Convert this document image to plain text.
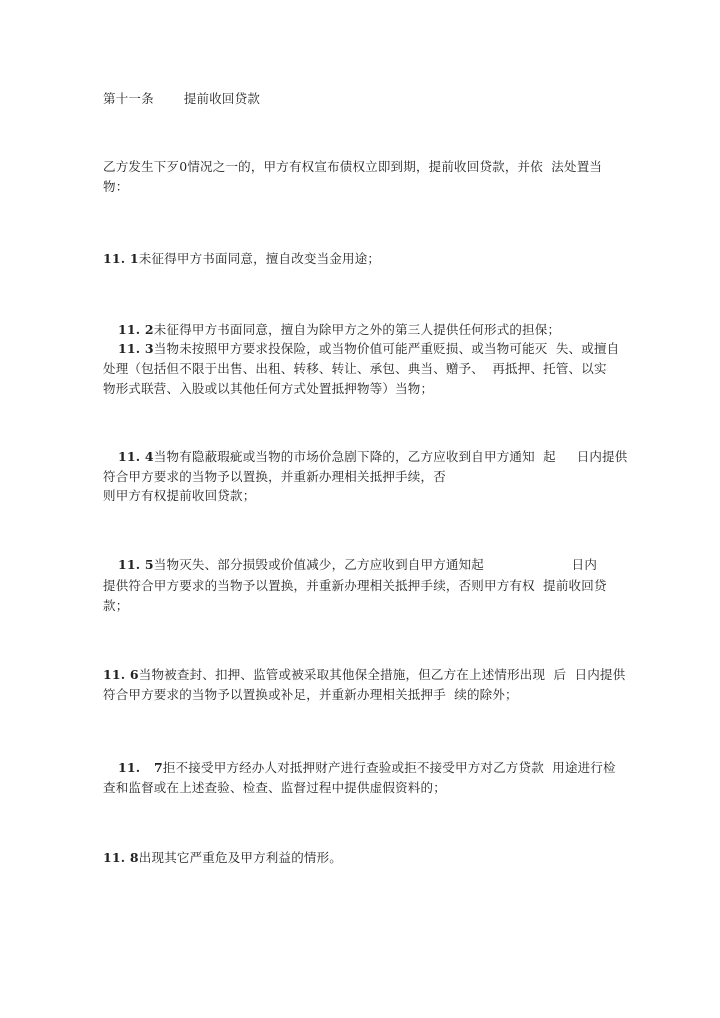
第十一条 提前收回贷款

乙方发生下歹0情况之一的，甲方有权宣布债权立即到期，提前收回贷款，并依  法处置当

物：

11. 1未征得甲方书面同意，擅自改变当金用途；

11. 2未征得甲方书面同意，擅自为除甲方之外的第三人提供任何形式的担保；

11. 3当物未按照甲方要求投保险，或当物价值可能严重贬损、或当物可能灭  失、或擅自

处理（包括但不限于出售、出租、转移、转让、承包、典当、赠予、  再抵押、托管、以实

物形式联营、入股或以其他任何方式处置抵押物等）当物；

11. 4当物有隐蔽瑕疵或当物的市场价急剧下降的，乙方应收到自甲方通知  起     日内提供

符合甲方要求的当物予以置换，并重新办理相关抵押手续，否

则甲方有权提前收回贷款；

11. 5当物灭失、部分损毁或价值减少，乙方应收到自甲方通知起                     日内

提供符合甲方要求的当物予以置换，并重新办理相关抵押手续，否则甲方有权  提前收回贷

款；

11. 6当物被查封、扣押、监管或被采取其他保全措施，但乙方在上述情形出现  后  日内提供

符合甲方要求的当物予以置换或补足，并重新办理相关抵押手  续的除外；

11.   7拒不接受甲方经办人对抵押财产进行查验或拒不接受甲方对乙方贷款  用途进行检

查和监督或在上述查验、检查、监督过程中提供虚假资料的；

11. 8出现其它严重危及甲方利益的情形。
